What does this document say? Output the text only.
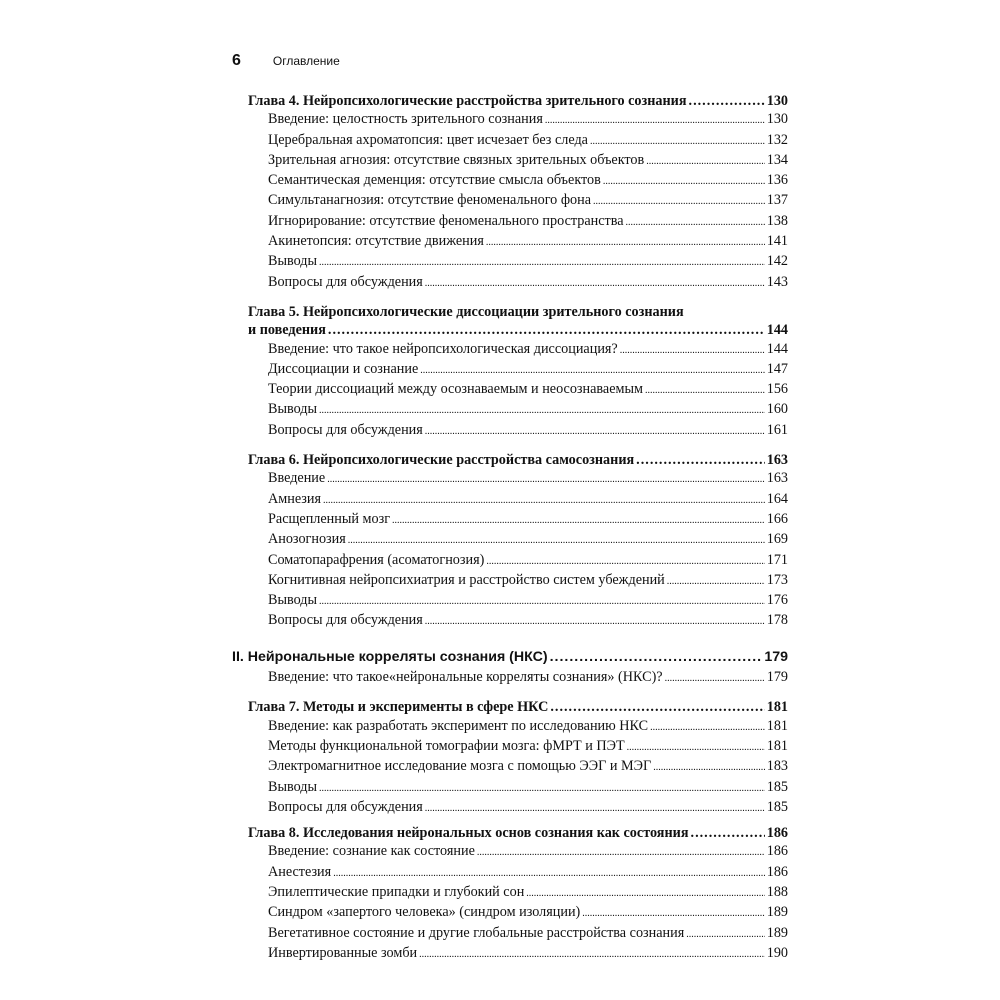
6	Оглавление
Глава 4. Нейропсихологические расстройства зрительного сознания .....	130
Введение: целостность зрительного сознания .....	130
Церебральная ахроматопсия: цвет исчезает без следа .....	132
Зрительная агнозия: отсутствие связных зрительных объектов .....	134
Семантическая деменция: отсутствие смысла объектов .....	136
Симультанагнозия: отсутствие феноменального фона .....	137
Игнорирование: отсутствие феноменального пространства .....	138
Акинетопсия: отсутствие движения .....	141
Выводы .....	142
Вопросы для обсуждения .....	143
Глава 5. Нейропсихологические диссоциации зрительного сознания
и поведения .....	144
Введение: что такое нейропсихологическая диссоциация? .....	144
Диссоциации и сознание .....	147
Теории диссоциаций между осознаваемым и неосознаваемым .....	156
Выводы .....	160
Вопросы для обсуждения .....	161
Глава 6. Нейропсихологические расстройства самосознания .....	163
Введение .....	163
Амнезия .....	164
Расщепленный мозг .....	166
Анозогнозия .....	169
Соматопарафрения (асоматогнозия) .....	171
Когнитивная нейропсихиатрия и расстройство систем убеждений .....	173
Выводы .....	176
Вопросы для обсуждения .....	178
II. Нейрональные корреляты сознания (НКС) .....	179
Введение: что такое«нейрональные корреляты сознания» (НКС)? .....	179
Глава 7. Методы и эксперименты в сфере НКС .....	181
Введение: как разработать эксперимент по исследованию НКС .....	181
Методы функциональной томографии мозга: фМРТ и ПЭТ .....	181
Электромагнитное исследование мозга с помощью ЭЭГ и МЭГ .....	183
Выводы .....	185
Вопросы для обсуждения .....	185
Глава 8. Исследования нейрональных основ сознания как состояния .....	186
Введение: сознание как состояние .....	186
Анестезия .....	186
Эпилептические припадки и глубокий сон .....	188
Синдром «запертого человека» (синдром изоляции) .....	189
Вегетативное состояние и другие глобальные расстройства сознания .....	189
Инвертированные зомби .....	190
